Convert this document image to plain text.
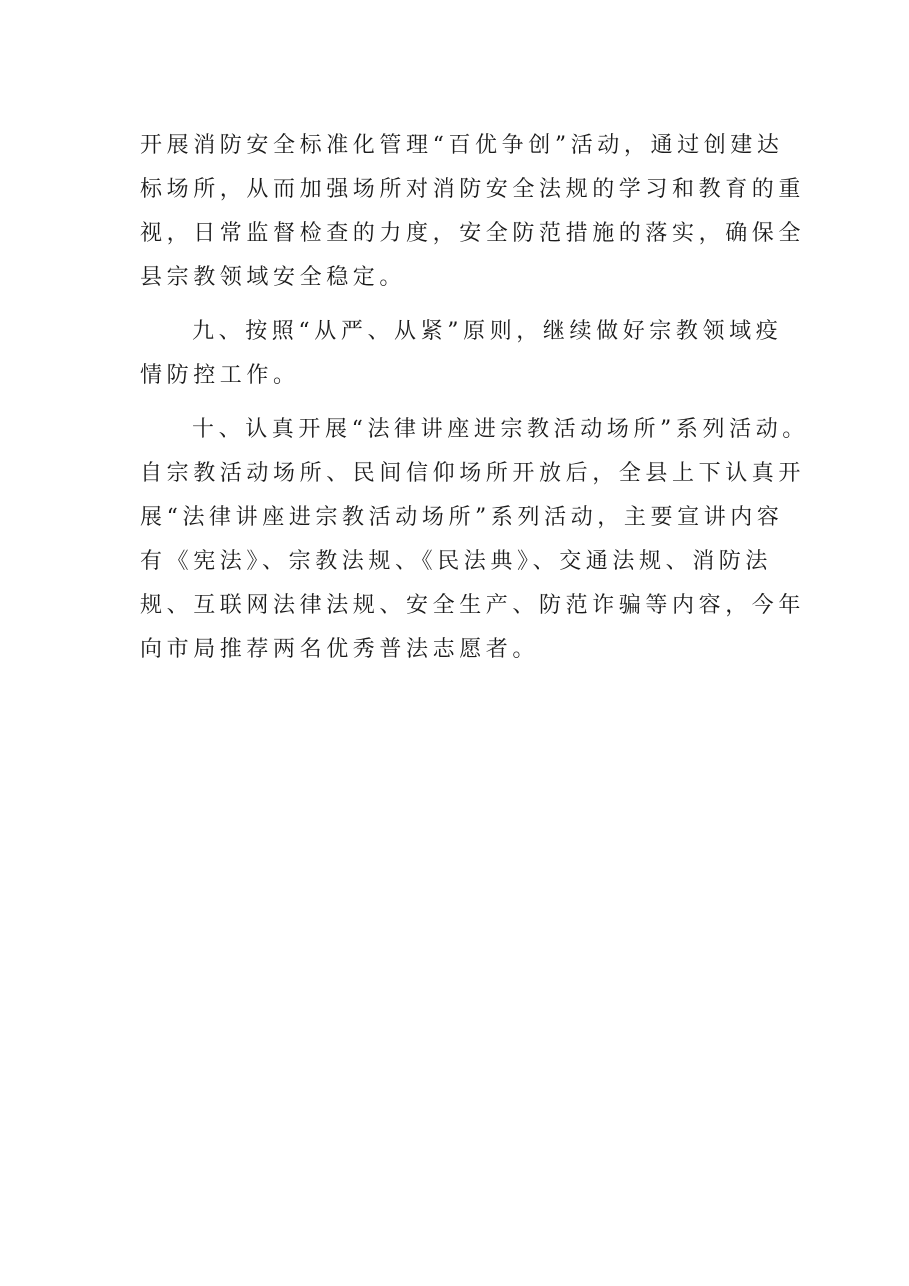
开展消防安全标准化管理“百优争创”活动，通过创建达
标场所，从而加强场所对消防安全法规的学习和教育的重
视，日常监督检查的力度，安全防范措施的落实，确保全
县宗教领域安全稳定。
九、按照“从严、从紧”原则，继续做好宗教领域疫
情防控工作。
十、认真开展“法律讲座进宗教活动场所”系列活动。
自宗教活动场所、民间信仰场所开放后，全县上下认真开
展“法律讲座进宗教活动场所”系列活动，主要宣讲内容
有《宪法》、宗教法规、《民法典》、交通法规、消防法
规、互联网法律法规、安全生产、防范诈骗等内容，今年
向市局推荐两名优秀普法志愿者。
